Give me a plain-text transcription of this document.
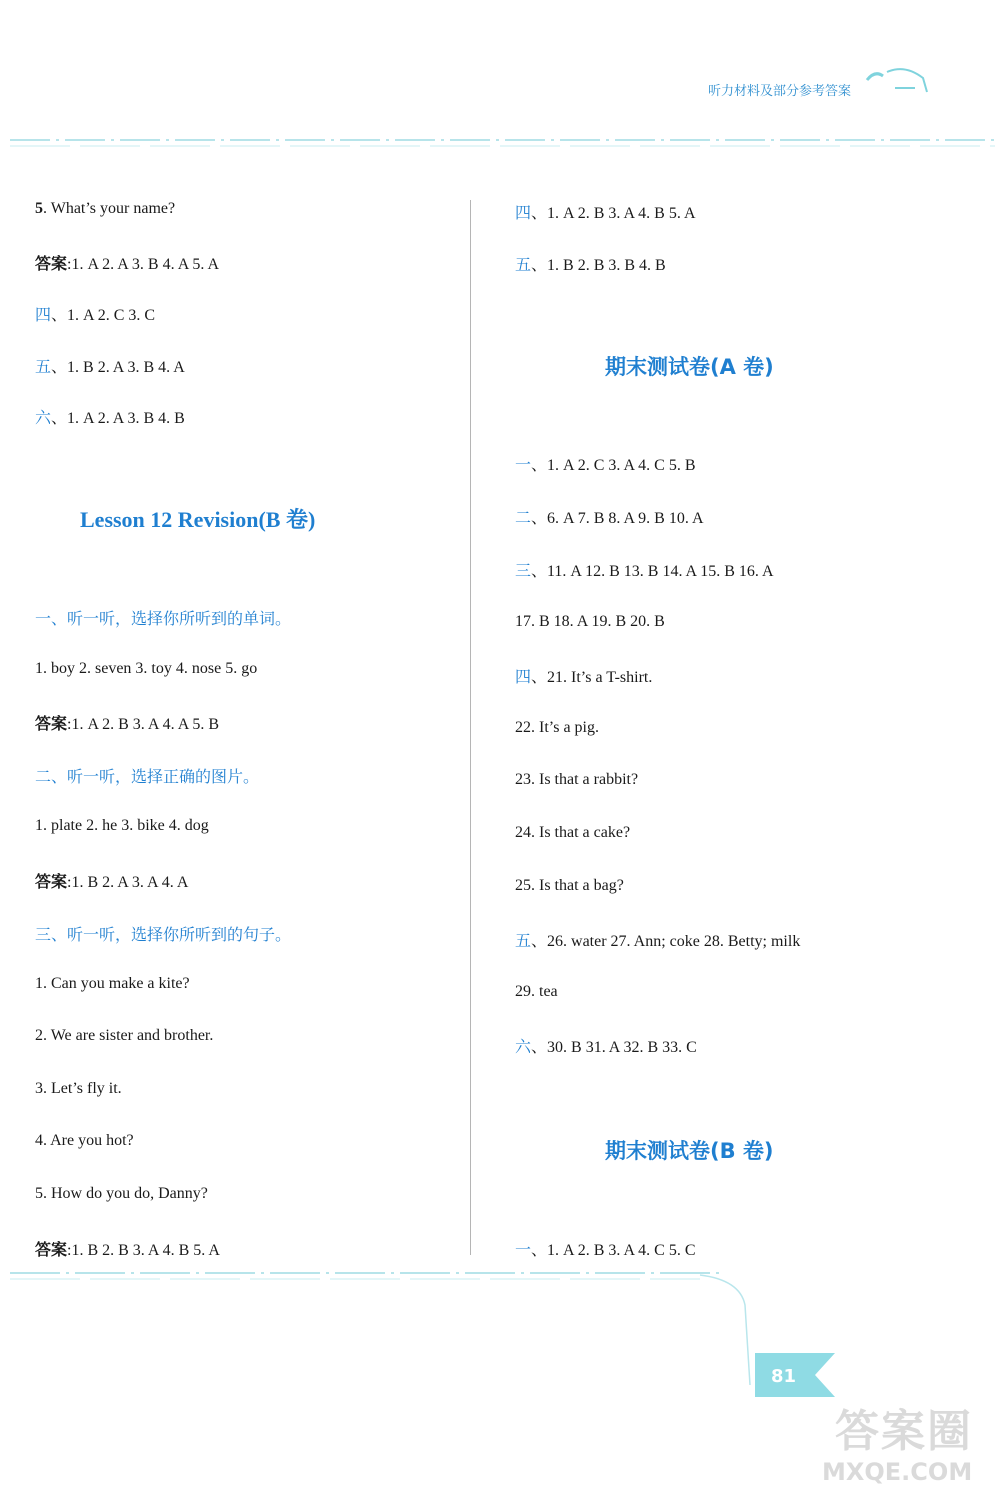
听力材料及部分参考答案
5. What’s your name?
答案:1. A 2. A 3. B 4. A 5. A
四、1. A 2. C 3. C
五、1. B 2. A 3. B 4. A
六、1. A 2. A 3. B 4. B
Lesson 12 Revision(B 卷)
一、听一听，选择你所听到的单词。
1. boy 2. seven 3. toy 4. nose 5. go
答案:1. A 2. B 3. A 4. A 5. B
二、听一听，选择正确的图片。
1. plate 2. he 3. bike 4. dog
答案:1. B 2. A 3. A 4. A
三、听一听，选择你所听到的句子。
1. Can you make a kite?
2. We are sister and brother.
3. Let’s fly it.
4. Are you hot?
5. How do you do, Danny?
答案:1. B 2. B 3. A 4. B 5. A
四、1. A 2. B 3. A 4. B 5. A
五、1. B 2. B 3. B 4. B
期末测试卷(A 卷)
一、1. A 2. C 3. A 4. C 5. B
二、6. A 7. B 8. A 9. B 10. A
三、11. A 12. B 13. B 14. A 15. B 16. A
17. B 18. A 19. B 20. B
四、21. It’s a T-shirt.
22. It’s a pig.
23. Is that a rabbit?
24. Is that a cake?
25. Is that a bag?
五、26. water 27. Ann; coke 28. Betty; milk
29. tea
六、30. B 31. A 32. B 33. C
期末测试卷(B 卷)
一、1. A 2. B 3. A 4. C 5. C
81
答案圈
MXQE.COM
